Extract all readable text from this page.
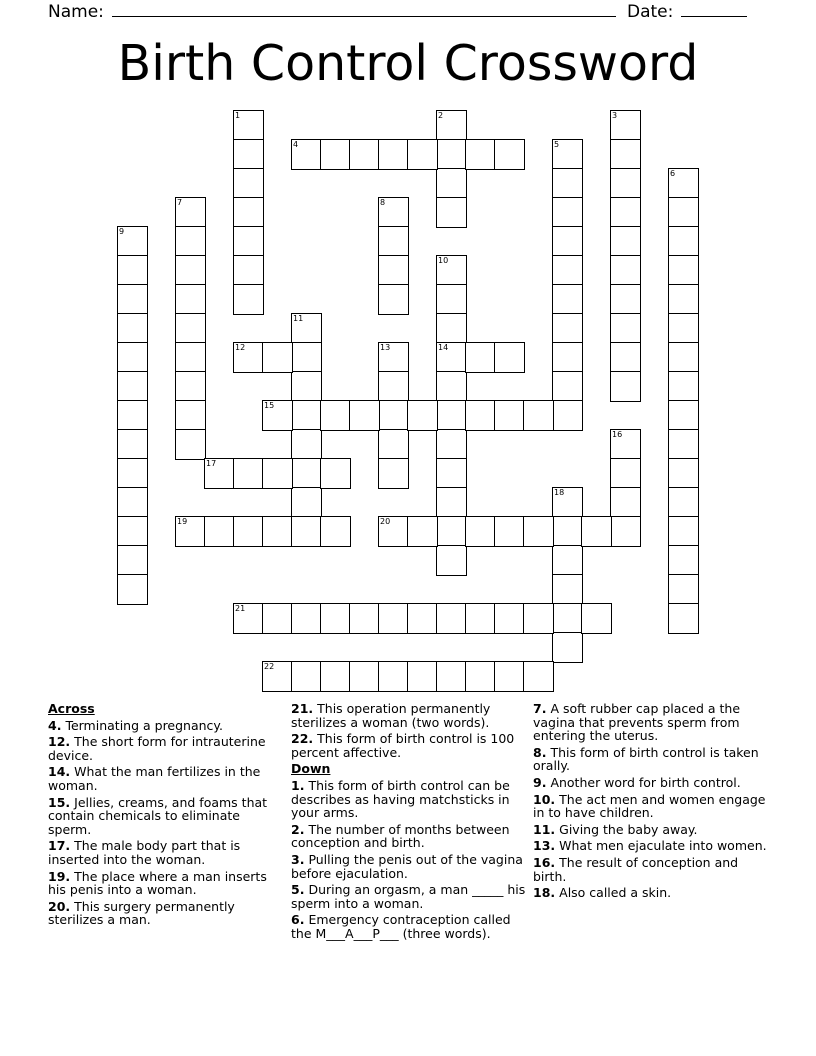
Name:	Date:
Birth Control Crossword
1	2	3
4	5
6
7	8
9
10
14
11
12	13
15
16
17
18
19	20
21
22
Across
4. Terminating a pregnancy.
12. The short form for intrauterine device.
14. What the man fertilizes in the woman.
15. Jellies, creams, and foams that contain chemicals to eliminate sperm.
17. The male body part that is inserted into the woman.
19. The place where a man inserts his penis into a woman.
20. This surgery permanently sterilizes a man.
21. This operation permanently sterilizes a woman (two words).
22. This form of birth control is 100 percent affective.
Down
1. This form of birth control can be describes as having matchsticks in your arms.
2. The number of months between conception and birth.
3. Pulling the penis out of the vagina before ejaculation.
5. During an orgasm, a man _____ his sperm into a woman.
6. Emergency contraception called the M___A___P___ (three words).
7. A soft rubber cap placed a the vagina that prevents sperm from entering the uterus.
8. This form of birth control is taken orally.
9. Another word for birth control.
10. The act men and women engage in to have children.
11. Giving the baby away.
13. What men ejaculate into women.
16. The result of conception and birth.
18. Also called a skin.
